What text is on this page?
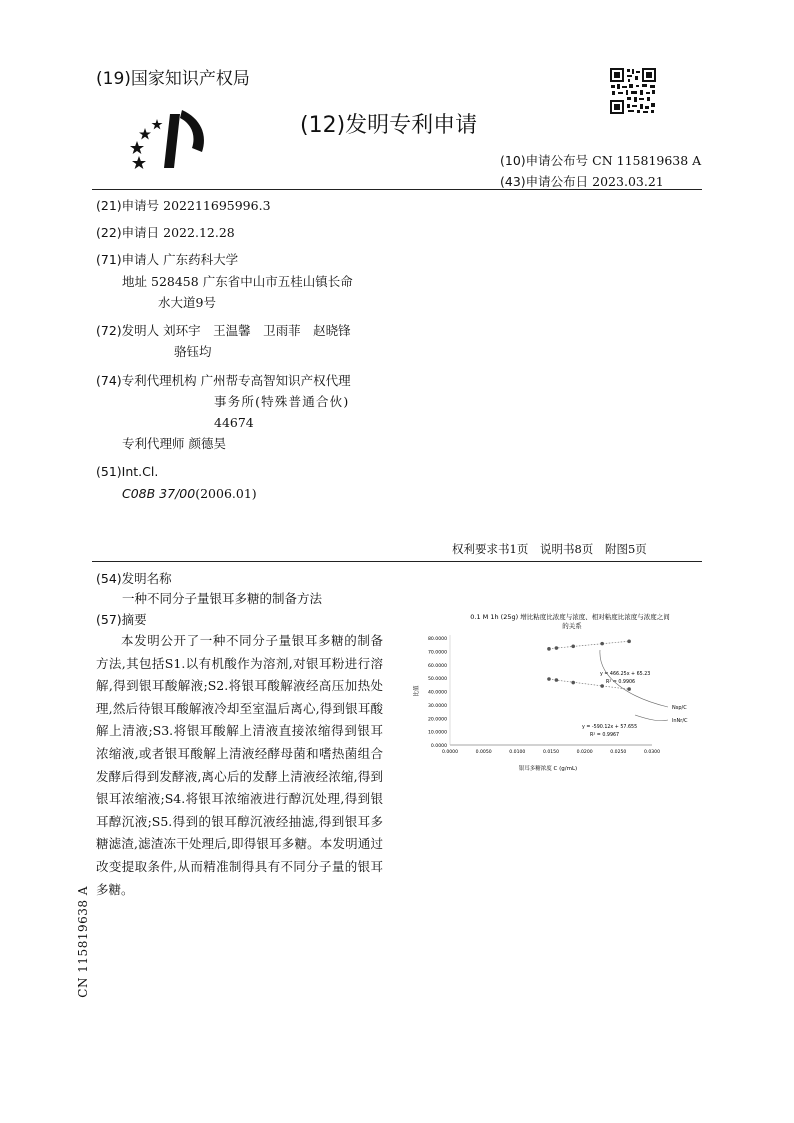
(19)国家知识产权局
(12)发明专利申请
(10)申请公布号 CN 115819638 A
(43)申请公布日 2023.03.21
(21)申请号 202211695996.3
(22)申请日 2022.12.28
(71)申请人 广东药科大学
地址 528458 广东省中山市五桂山镇长命
水大道9号
(72)发明人 刘环宇　王温馨　卫雨菲　赵晓锋
骆钰均
(74)专利代理机构 广州帮专高智知识产权代理
事务所(特殊普通合伙)
44674
专利代理师 颜德昊
(51)Int.Cl.
C08B 37/00(2006.01)
权利要求书1页 说明书8页 附图5页
(54)发明名称
一种不同分子量银耳多糖的制备方法
(57)摘要
本发明公开了一种不同分子量银耳多糖的制备方法,其包括S1.以有机酸作为溶剂,对银耳粉进行溶解,得到银耳酸解液;S2.将银耳酸解液经高压加热处理,然后待银耳酸解液冷却至室温后离心,得到银耳酸解上清液;S3.将银耳酸解上清液直接浓缩得到银耳浓缩液,或者银耳酸解上清液经酵母菌和嗜热菌组合发酵后得到发酵液,离心后的发酵上清液经浓缩,得到银耳浓缩液;S4.将银耳浓缩液进行醇沉处理,得到银耳醇沉液;S5.得到的银耳醇沉液经抽滤,得到银耳多糖滤渣,滤渣冻干处理后,即得银耳多糖。本发明通过改变提取条件,从而精准制得具有不同分子量的银耳多糖。
CN 115819638 A
0.1 M 1h (25g) 增比粘度比浓度与浓度、相对粘度比浓度与浓度之间
的关系
比值
银耳多糖浓度 C (g/mL)
0.0000
10.0000
20.0000
30.0000
40.0000
50.0000
60.0000
70.0000
80.0000
0.0000	0.0050	0.0100	0.0150	0.0200	0.0250	0.0300
y = 466.25x + 65.23
R² = 0.9906
y = -590.12x + 57.655
R² = 0.9967
Nsp/C
lnNr/C
